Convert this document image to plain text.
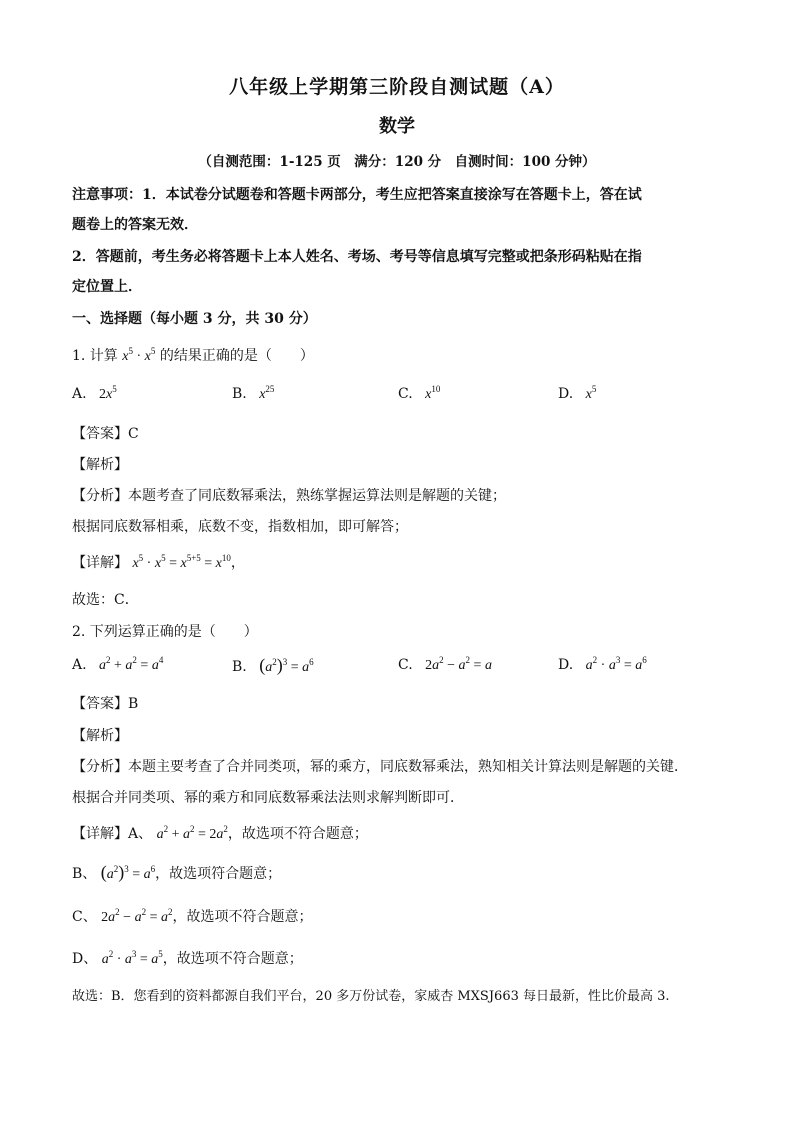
八年级上学期第三阶段自测试题（A）
数学
（自测范围：1-125 页　满分：120 分　自测时间：100 分钟）
注意事项：1．本试卷分试题卷和答题卡两部分，考生应把答案直接涂写在答题卡上，答在试
题卷上的答案无效．
2．答题前，考生务必将答题卡上本人姓名、考场、考号等信息填写完整或把条形码粘贴在指
定位置上．
一、选择题（每小题 3 分，共 30 分）
1. 计算 $x^5 \cdot x^5$ 的结果正确的是（　　）
A. $2x^5$	B. $x^{25}$	C. $x^{10}$	D. $x^5$
【答案】C
【解析】
【分析】本题考查了同底数幂乘法，熟练掌握运算法则是解题的关键；
根据同底数幂相乘，底数不变，指数相加，即可解答；
【详解】 $x^5 \cdot x^5 = x^{5+5} = x^{10}$，
故选：C．
2. 下列运算正确的是（　　）
A. $a^2 + a^2 = a^4$	B. $(a^2)^3 = a^6$	C. $2a^2 - a^2 = a$	D. $a^2 \cdot a^3 = a^6$
【答案】B
【解析】
【分析】本题主要考查了合并同类项，幂的乘方，同底数幂乘法，熟知相关计算法则是解题的关键．
根据合并同类项、幂的乘方和同底数幂乘法法则求解判断即可．
【详解】A、 $a^2 + a^2 = 2a^2$，故选项不符合题意；
B、 $(a^2)^3 = a^6$，故选项符合题意；
C、 $2a^2 - a^2 = a^2$，故选项不符合题意；
D、 $a^2 \cdot a^3 = a^5$，故选项不符合题意；
故选：B．您看到的资料都源自我们平台，20 多万份试卷，家威杏 MXSJ663 每日最新，性比价最高 3.
